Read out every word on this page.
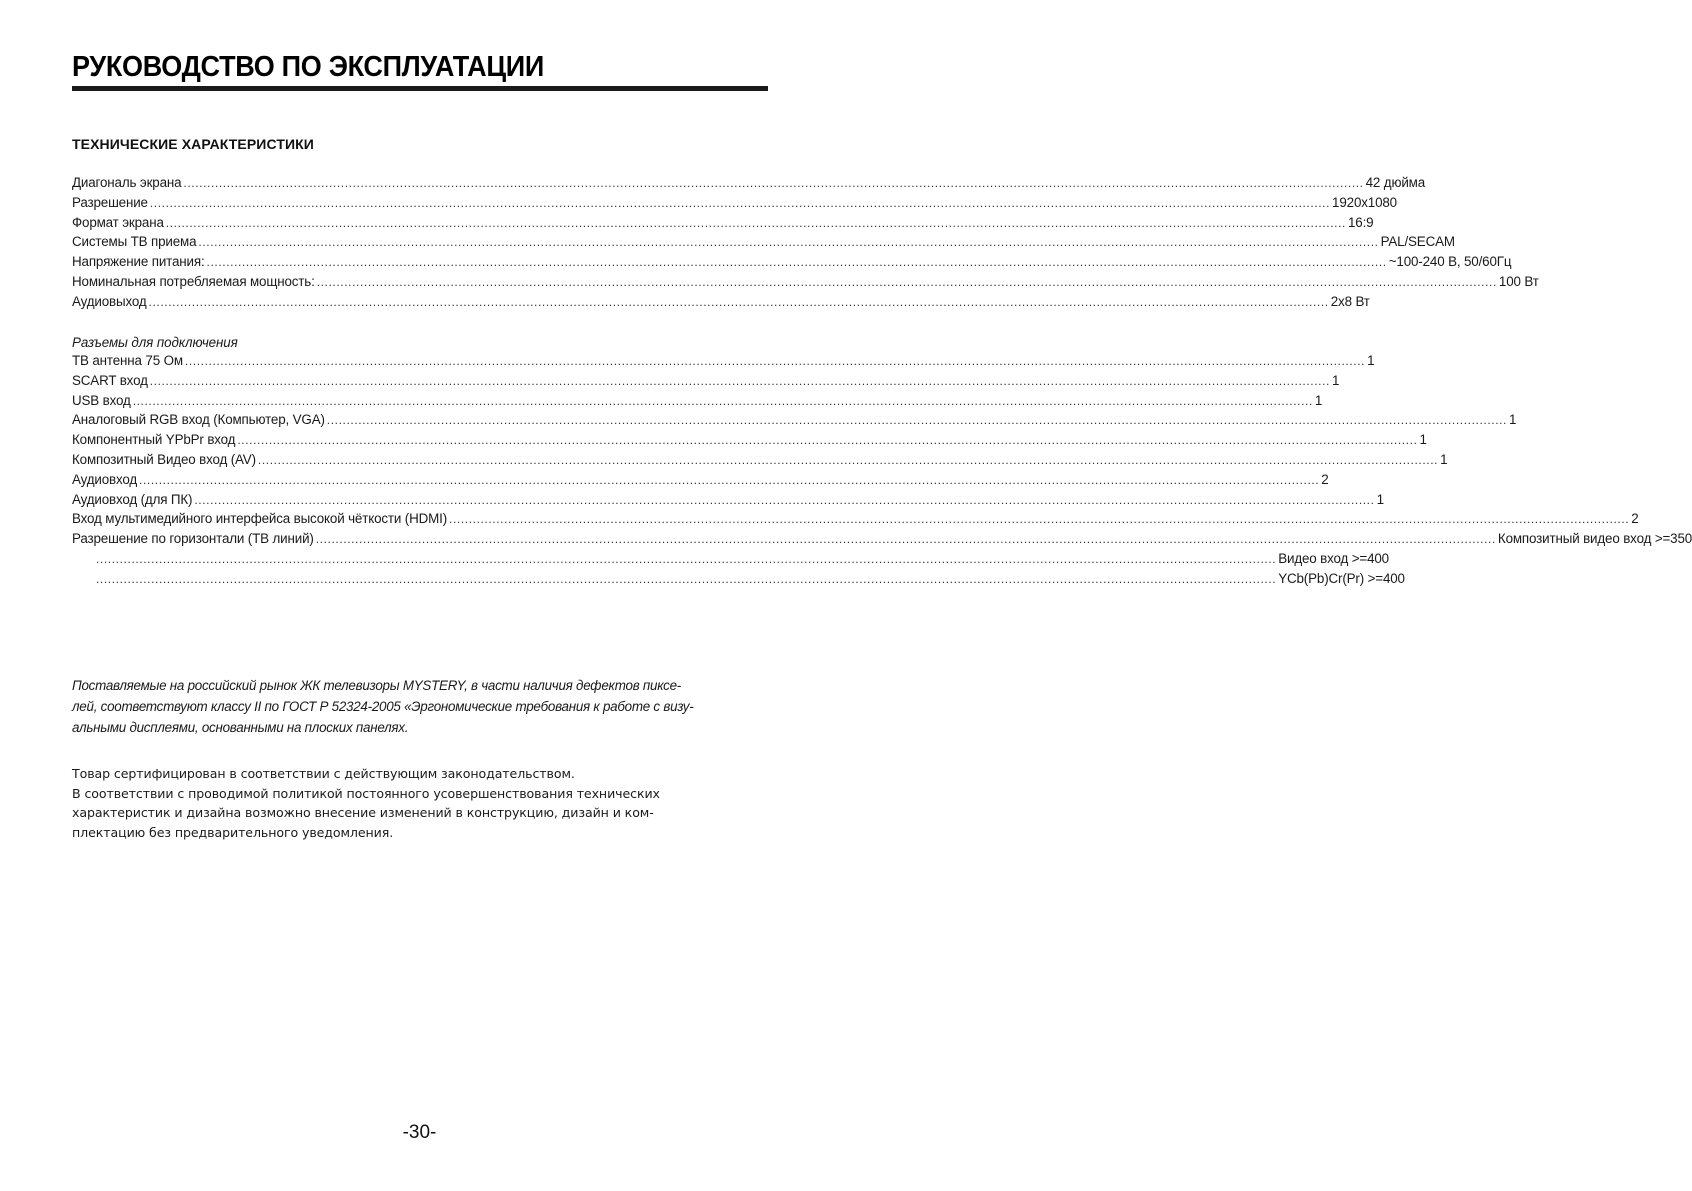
РУКОВОДСТВО ПО ЭКСПЛУАТАЦИИ
ТЕХНИЧЕСКИЕ ХАРАКТЕРИСТИКИ
Диагональ экрана ............................................................................................................................................................................................................................................................................................................ 42 дюйма
Разрешение ............................................................................................................................................................................................................................................................................................................ 1920х1080
Формат экрана ............................................................................................................................................................................................................................................................................................................ 16:9
Системы ТВ приема ............................................................................................................................................................................................................................................................................................................ PAL/SECAM
Напряжение питания: ............................................................................................................................................................................................................................................................................................................ ~100-240 В, 50/60Гц
Номинальная потребляемая мощность: ............................................................................................................................................................................................................................................................................................................ 100 Вт
Аудиовыход ............................................................................................................................................................................................................................................................................................................ 2х8 Вт

Разъемы для подключения

ТВ антенна 75 Ом ............................................................................................................................................................................................................................................................................................................ 1
SCART вход ............................................................................................................................................................................................................................................................................................................ 1
USB вход ............................................................................................................................................................................................................................................................................................................ 1
Аналоговый RGB вход (Компьютер, VGA) ............................................................................................................................................................................................................................................................................................................ 1
Компонентный YPbPr вход ............................................................................................................................................................................................................................................................................................................ 1
Композитный Видео вход (AV) ............................................................................................................................................................................................................................................................................................................ 1
Аудиовход ............................................................................................................................................................................................................................................................................................................ 2
Аудиовход (для ПК) ............................................................................................................................................................................................................................................................................................................ 1
Вход мультимедийного интерфейса высокой чёткости (HDMI) ............................................................................................................................................................................................................................................................................................................ 2
Разрешение по горизонтали (ТВ линий) ............................................................................................................................................................................................................................................................................................................ Композитный видео вход >=350
............................................................................................................................................................................................................................................................................................................ Видео вход >=400
............................................................................................................................................................................................................................................................................................................ YCb(Pb)Cr(Pr) >=400

Поставляемые на российский рынок ЖК телевизоры MYSTERY, в части наличия дефектов пиксе-
лей, соответствуют классу II по ГОСТ Р 52324-2005 «Эргономические требования к работе с визу-
альными дисплеями, основанными на плоских панелях.

Товар сертифицирован в соответствии с действующим законодательством.
В соответствии с проводимой политикой постоянного усовершенствования технических
характеристик и дизайна возможно внесение изменений в конструкцию, дизайн и ком-
плектацию без предварительного уведомления.

-30-
